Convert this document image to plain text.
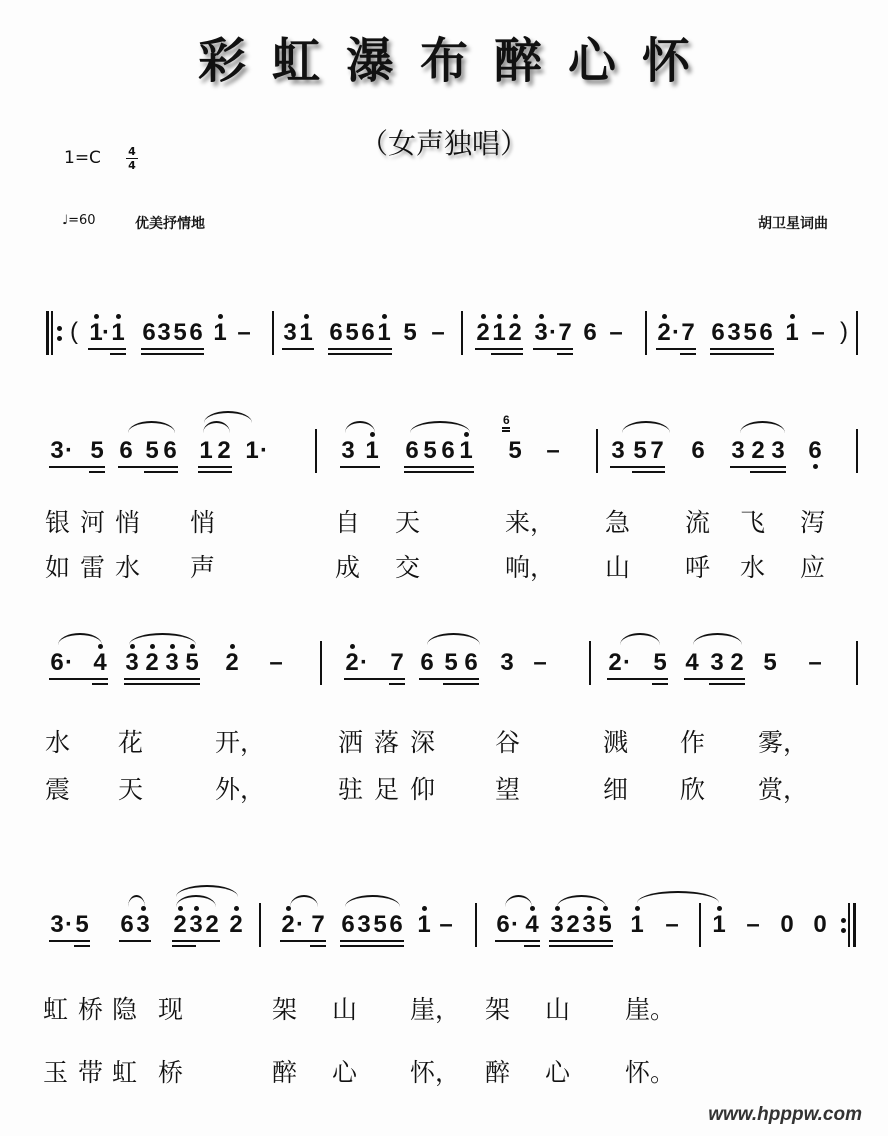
彩虹瀑布醉心怀
（女声独唱）
1=C 4
4
♩=60	优美抒情地	胡卫星词曲
( 1 · 1 6 3 5 6 1 – 3 1 6 5 6 1 5 – 2 1 2 3 · 7 6 – 2 · 7 6 3 5 6 1 – )
3 · 5 6 5 6 1 2 1 ·	3 1 6 5 6 1 5 – 3 5 7 6 3 2 3 6
6
6 · 4 3 2 3 5 2 –	2 · 7 6 5 6 3 –	2 · 5 4 3 2 5 –
3 · 5 6 3 2 3 2 2 2 · 7 6 3 5 6 1 – 6 · 4 3 2 3 5 1 – 1 – 0 0
银 河 悄 悄	自 天	来， 急 流 飞 泻
如 雷 水 声	成 交	响， 山 呼 水 应
水 花	开，	洒 落 深 谷	溅 作 雾，
震 天	外，	驻 足 仰 望	细 欣 赏，
虹 桥 隐 现	架 山 崖， 架 山 崖。
玉 带 虹 桥	醉 心 怀， 醉 心 怀。
www.hpppw.com
